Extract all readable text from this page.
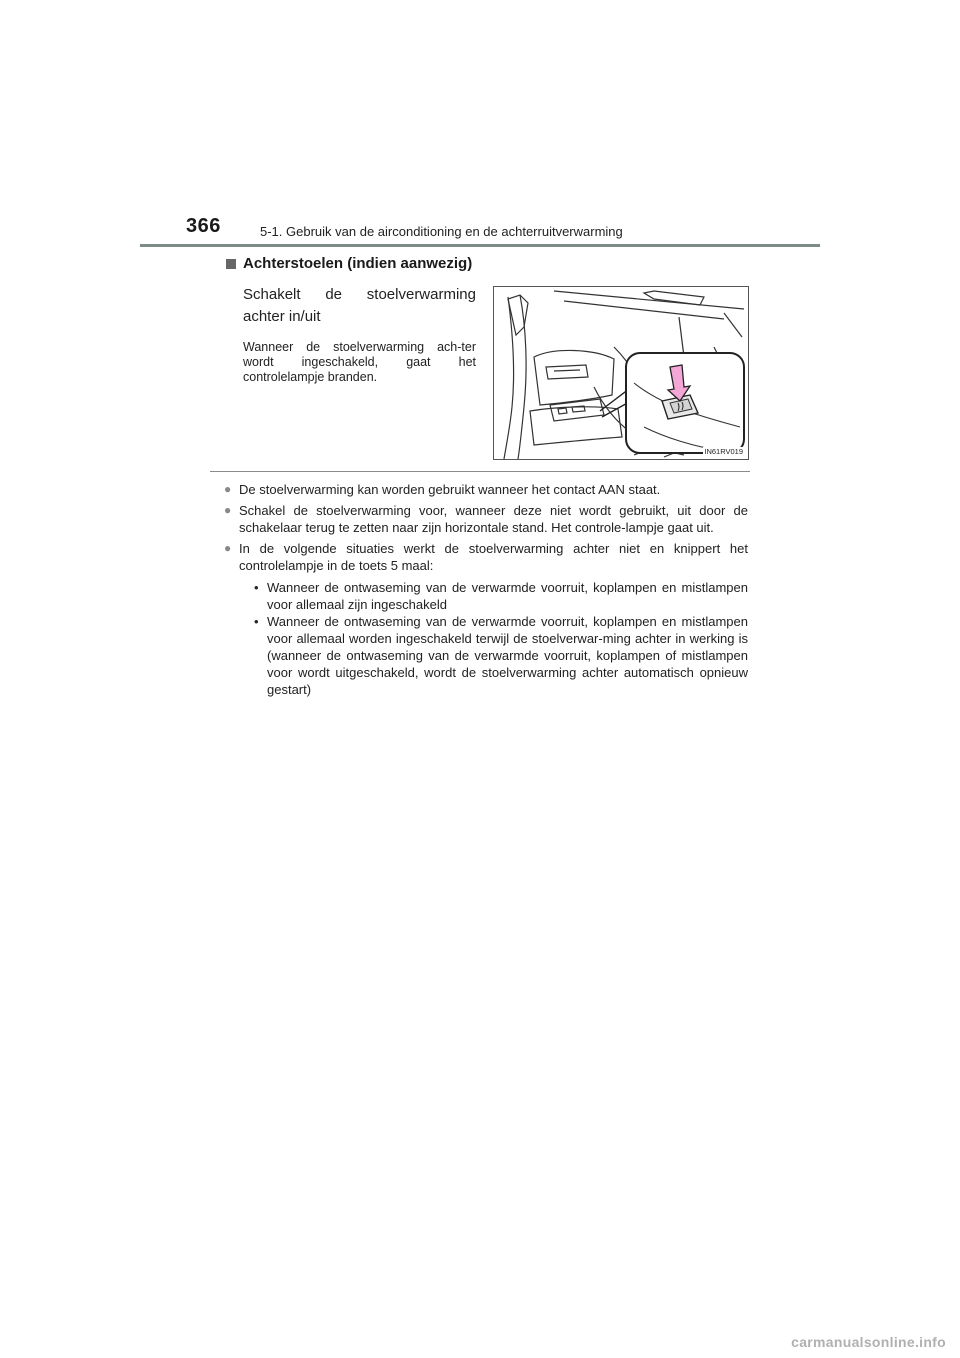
366	5-1. Gebruik van de airconditioning en de achterruitverwarming
Achterstoelen (indien aanwezig)
Schakelt de stoelverwarming achter in/uit
Wanneer de stoelverwarming ach-ter wordt ingeschakeld, gaat het controlelampje branden.
IN61RV019
● De stoelverwarming kan worden gebruikt wanneer het contact AAN staat.
● Schakel de stoelverwarming voor, wanneer deze niet wordt gebruikt, uit door de schakelaar terug te zetten naar zijn horizontale stand. Het controle-lampje gaat uit.
● In de volgende situaties werkt de stoelverwarming achter niet en knippert het controlelampje in de toets 5 maal:
• Wanneer de ontwaseming van de verwarmde voorruit, koplampen en mistlampen voor allemaal zijn ingeschakeld
• Wanneer de ontwaseming van de verwarmde voorruit, koplampen en mistlampen voor allemaal worden ingeschakeld terwijl de stoelverwar-ming achter in werking is (wanneer de ontwaseming van de verwarmde voorruit, koplampen of mistlampen voor wordt uitgeschakeld, wordt de stoelverwarming achter automatisch opnieuw gestart)
carmanualsonline.info
